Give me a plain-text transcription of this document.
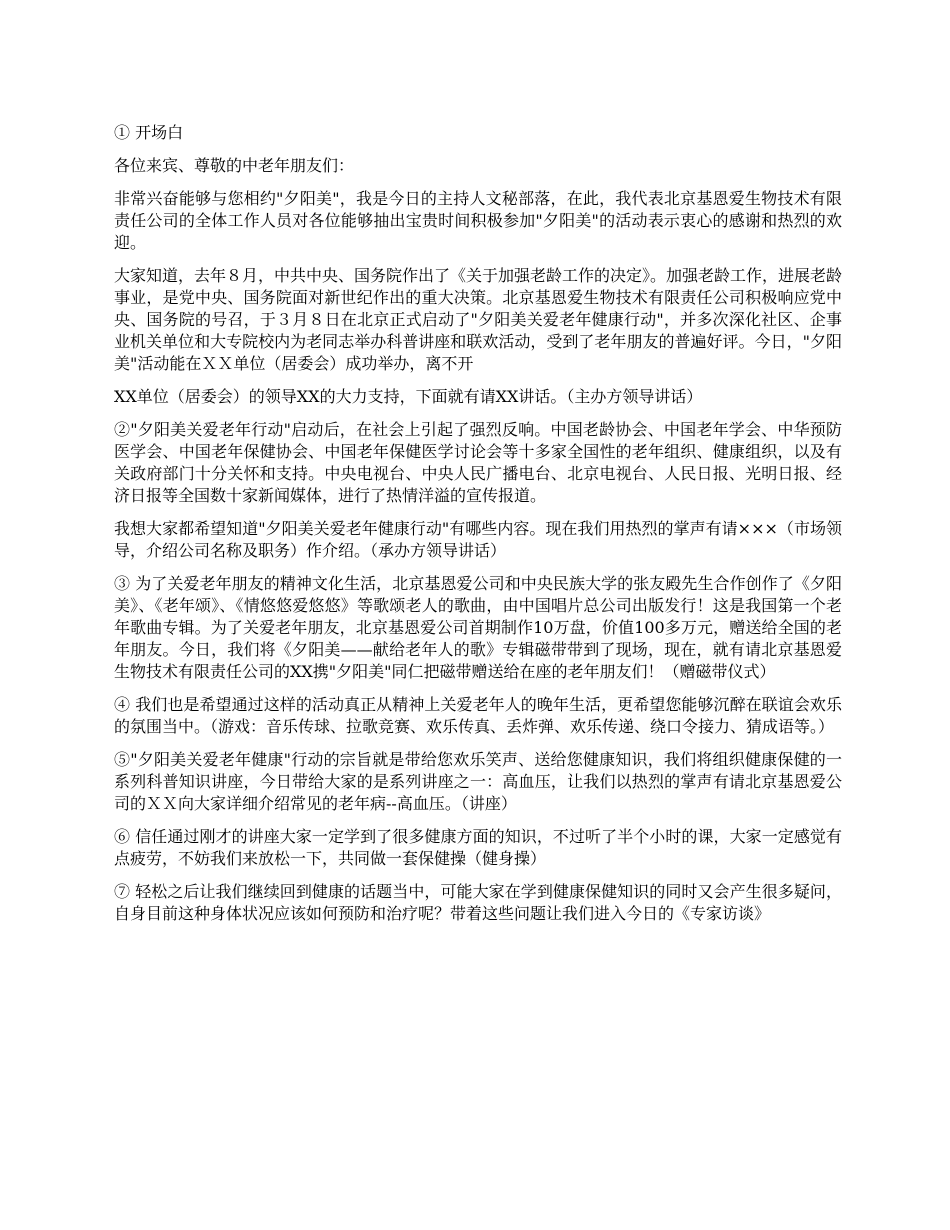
① 开场白

各位来宾、尊敬的中老年朋友们：

非常兴奋能够与您相约"夕阳美"，我是今日的主持人文秘部落，在此，我代表北京基恩爱生物技术有限责任公司的全体工作人员对各位能够抽出宝贵时间积极参加"夕阳美"的活动表示衷心的感谢和热烈的欢迎。

大家知道，去年８月，中共中央、国务院作出了《关于加强老龄工作的决定》。加强老龄工作，进展老龄事业，是党中央、国务院面对新世纪作出的重大决策。北京基恩爱生物技术有限责任公司积极响应党中央、国务院的号召，于３月８日在北京正式启动了"夕阳美关爱老年健康行动"，并多次深化社区、企事业机关单位和大专院校内为老同志举办科普讲座和联欢活动，受到了老年朋友的普遍好评。今日，"夕阳美"活动能在ＸＸ单位（居委会）成功举办，离不开

XX单位（居委会）的领导XX的大力支持，下面就有请XX讲话。（主办方领导讲话）

②"夕阳美关爱老年行动"启动后，在社会上引起了强烈反响。中国老龄协会、中国老年学会、中华预防医学会、中国老年保健协会、中国老年保健医学讨论会等十多家全国性的老年组织、健康组织，以及有关政府部门十分关怀和支持。中央电视台、中央人民广播电台、北京电视台、人民日报、光明日报、经济日报等全国数十家新闻媒体，进行了热情洋溢的宣传报道。

我想大家都希望知道"夕阳美关爱老年健康行动"有哪些内容。现在我们用热烈的掌声有请×××（市场领导，介绍公司名称及职务）作介绍。（承办方领导讲话）

③ 为了关爱老年朋友的精神文化生活，北京基恩爱公司和中央民族大学的张友殿先生合作创作了《夕阳美》、《老年颂》、《情悠悠爱悠悠》等歌颂老人的歌曲，由中国唱片总公司出版发行！这是我国第一个老年歌曲专辑。为了关爱老年朋友，北京基恩爱公司首期制作10万盘，价值100多万元，赠送给全国的老年朋友。今日，我们将《夕阳美——献给老年人的歌》专辑磁带带到了现场，现在，就有请北京基恩爱生物技术有限责任公司的XX携"夕阳美"同仁把磁带赠送给在座的老年朋友们！（赠磁带仪式）

④ 我们也是希望通过这样的活动真正从精神上关爱老年人的晚年生活，更希望您能够沉醉在联谊会欢乐的氛围当中。（游戏：音乐传球、拉歌竞赛、欢乐传真、丢炸弹、欢乐传递、绕口令接力、猜成语等。）

⑤"夕阳美关爱老年健康"行动的宗旨就是带给您欢乐笑声、送给您健康知识，我们将组织健康保健的一系列科普知识讲座，今日带给大家的是系列讲座之一：高血压，让我们以热烈的掌声有请北京基恩爱公司的ＸＸ向大家详细介绍常见的老年病--高血压。（讲座）

⑥ 信任通过刚才的讲座大家一定学到了很多健康方面的知识，不过听了半个小时的课，大家一定感觉有点疲劳，不妨我们来放松一下，共同做一套保健操（健身操）

⑦ 轻松之后让我们继续回到健康的话题当中，可能大家在学到健康保健知识的同时又会产生很多疑问，自身目前这种身体状况应该如何预防和治疗呢？带着这些问题让我们进入今日的《专家访谈》
